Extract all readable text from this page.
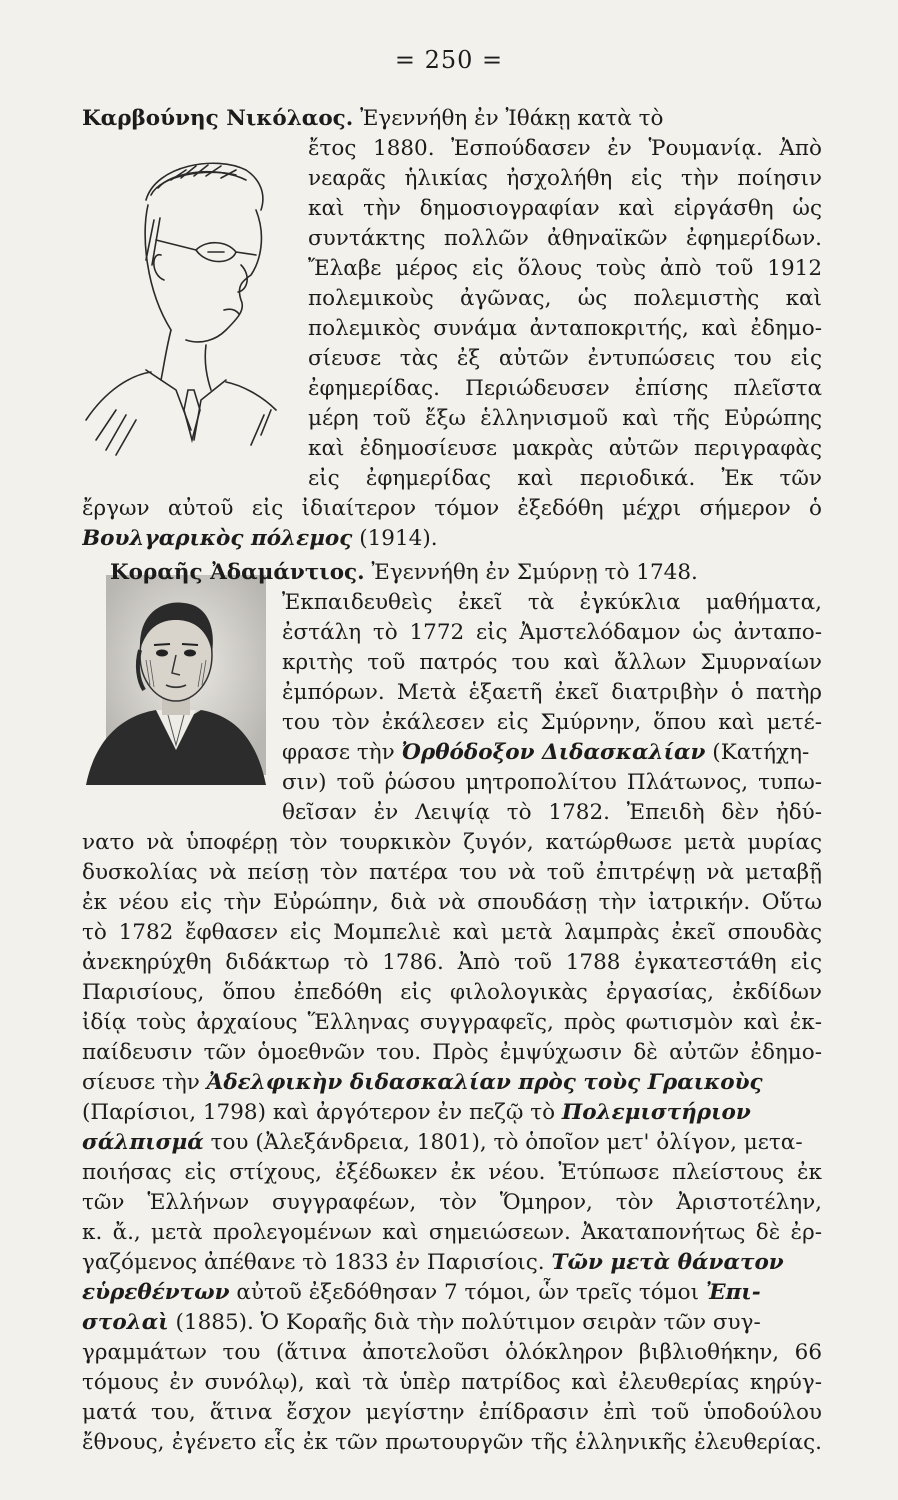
= 250 =
Καρβούνης Νικόλαος. Ἐγεννήθη ἐν Ἰθάκῃ κατὰ τὸ
ἔτος 1880. Ἐσπούδασεν ἐν Ῥουμανίᾳ. Ἀπὸ
νεαρᾶς ἡλικίας ἠσχολήθη εἰς τὴν ποίησιν
καὶ τὴν δημοσιογραφίαν καὶ εἰργάσθη ὡς
συντάκτης πολλῶν ἀθηναϊκῶν ἐφημερίδων.
Ἔλαβε μέρος εἰς ὅλους τοὺς ἀπὸ τοῦ 1912
πολεμικοὺς ἀγῶνας, ὡς πολεμιστὴς καὶ
πολεμικὸς συνάμα ἀνταποκριτής, καὶ ἐδημο-
σίευσε τὰς ἐξ αὐτῶν ἐντυπώσεις του εἰς
ἐφημερίδας. Περιώδευσεν ἐπίσης πλεῖστα
μέρη τοῦ ἔξω ἑλληνισμοῦ καὶ τῆς Εὐρώπης
καὶ ἐδημοσίευσε μακρὰς αὐτῶν περιγραφὰς
εἰς ἐφημερίδας καὶ περιοδικά. Ἐκ τῶν
ἔργων αὐτοῦ εἰς ἰδιαίτερον τόμον ἐξεδόθη μέχρι σήμερον ὁ
Βουλγαρικὸς πόλεμος (1914).
Κοραῆς Ἀδαμάντιος. Ἐγεννήθη ἐν Σμύρνῃ τὸ 1748.
Ἐκπαιδευθεὶς ἐκεῖ τὰ ἐγκύκλια μαθήματα,
ἐστάλη τὸ 1772 εἰς Ἀμστελόδαμον ὡς ἀνταπο-
κριτὴς τοῦ πατρός του καὶ ἄλλων Σμυρναίων
ἐμπόρων. Μετὰ ἑξαετῆ ἐκεῖ διατριβὴν ὁ πατὴρ
του τὸν ἐκάλεσεν εἰς Σμύρνην, ὅπου καὶ μετέ-
φρασε τὴν Ὀρθόδοξον Διδασκαλίαν (Κατήχη-
σιν) τοῦ ῥώσου μητροπολίτου Πλάτωνος, τυπω-
θεῖσαν ἐν Λειψίᾳ τὸ 1782. Ἐπειδὴ δὲν ἠδύ-
νατο νὰ ὑποφέρῃ τὸν τουρκικὸν ζυγόν, κατώρθωσε μετὰ μυρίας
δυσκολίας νὰ πείσῃ τὸν πατέρα του νὰ τοῦ ἐπιτρέψῃ νὰ μεταβῇ
ἐκ νέου εἰς τὴν Εὐρώπην, διὰ νὰ σπουδάσῃ τὴν ἰατρικήν. Οὕτω
τὸ 1782 ἔφθασεν εἰς Μομπελιὲ καὶ μετὰ λαμπρὰς ἐκεῖ σπουδὰς
ἀνεκηρύχθη διδάκτωρ τὸ 1786. Ἀπὸ τοῦ 1788 ἐγκατεστάθη εἰς
Παρισίους, ὅπου ἐπεδόθη εἰς φιλολογικὰς ἐργασίας, ἐκδίδων
ἰδίᾳ τοὺς ἀρχαίους Ἕλληνας συγγραφεῖς, πρὸς φωτισμὸν καὶ ἐκ-
παίδευσιν τῶν ὁμοεθνῶν του. Πρὸς ἐμψύχωσιν δὲ αὐτῶν ἐδημο-
σίευσε τὴν Ἀδελφικὴν διδασκαλίαν πρὸς τοὺς Γραικοὺς
(Παρίσιοι, 1798) καὶ ἀργότερον ἐν πεζῷ τὸ Πολεμιστήριον
σάλπισμά του (Ἀλεξάνδρεια, 1801), τὸ ὁποῖον μετ' ὀλίγον, μετα-
ποιήσας εἰς στίχους, ἐξέδωκεν ἐκ νέου. Ἐτύπωσε πλείστους ἐκ
τῶν Ἑλλήνων συγγραφέων, τὸν Ὅμηρον, τὸν Ἀριστοτέλην,
κ. ἄ., μετὰ προλεγομένων καὶ σημειώσεων. Ἀκαταπονήτως δὲ ἐρ-
γαζόμενος ἀπέθανε τὸ 1833 ἐν Παρισίοις. Τῶν μετὰ θάνατον
εὑρεθέντων αὐτοῦ ἐξεδόθησαν 7 τόμοι, ὧν τρεῖς τόμοι Ἐπι-
στολαὶ (1885). Ὁ Κοραῆς διὰ τὴν πολύτιμον σειρὰν τῶν συγ-
γραμμάτων του (ἅτινα ἀποτελοῦσι ὁλόκληρον βιβλιοθήκην, 66
τόμους ἐν συνόλῳ), καὶ τὰ ὑπὲρ πατρίδος καὶ ἐλευθερίας κηρύγ-
ματά του, ἅτινα ἔσχον μεγίστην ἐπίδρασιν ἐπὶ τοῦ ὑποδούλου
ἔθνους, ἐγένετο εἷς ἐκ τῶν πρωτουργῶν τῆς ἑλληνικῆς ἐλευθερίας.
